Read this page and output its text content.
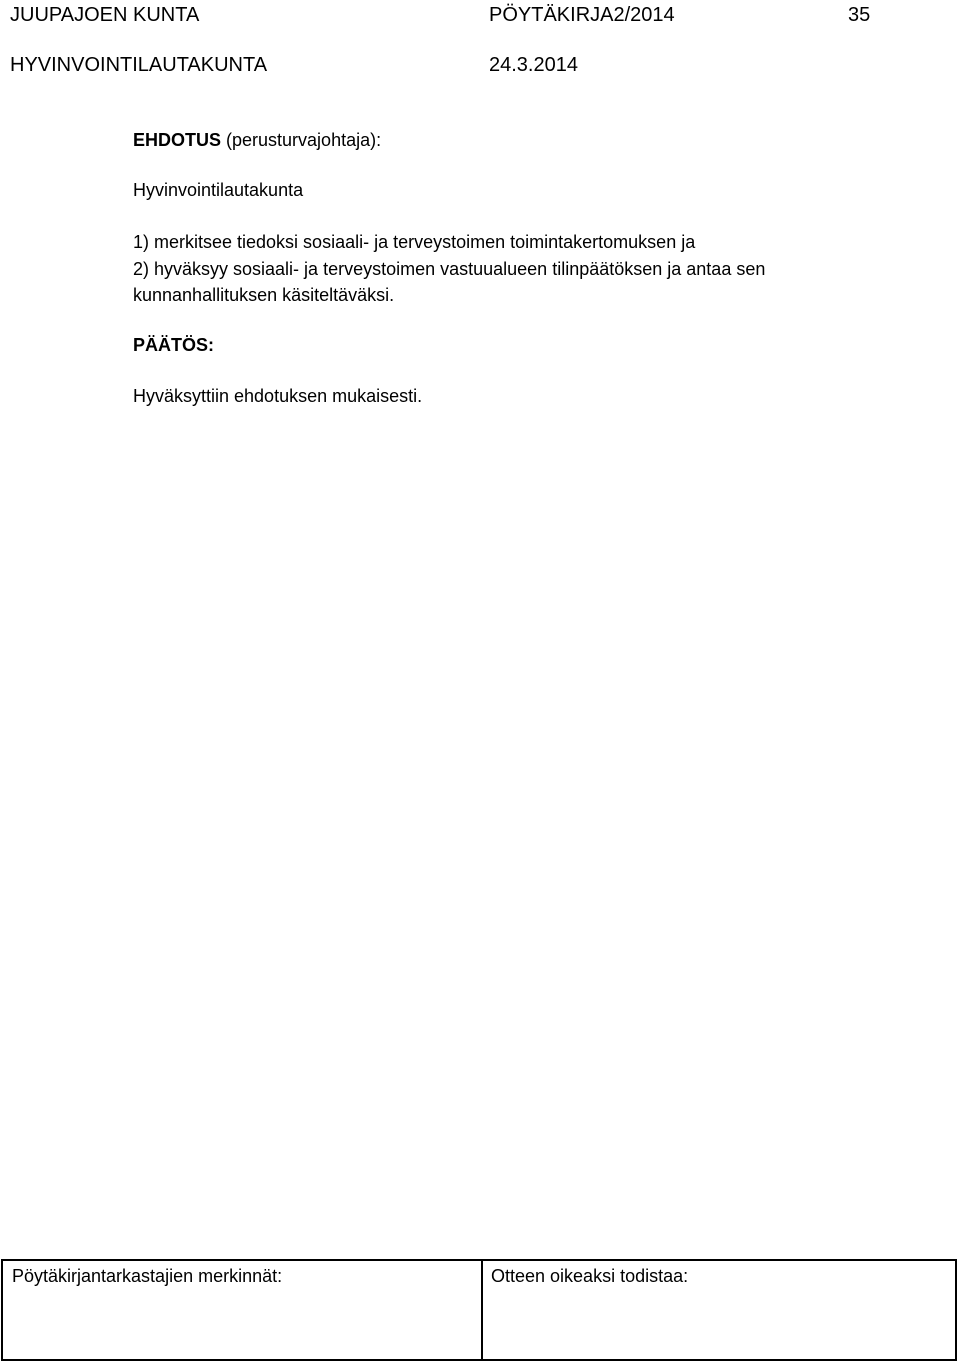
JUUPAJOEN KUNTA	PÖYTÄKIRJA2/2014	35
HYVINVOINTILAUTAKUNTA	24.3.2014
EHDOTUS (perusturvajohtaja):
Hyvinvointilautakunta
1) merkitsee tiedoksi sosiaali- ja terveystoimen toimintakertomuksen ja
2) hyväksyy sosiaali- ja terveystoimen vastuualueen tilinpäätöksen ja antaa sen
kunnanhallituksen käsiteltäväksi.
PÄÄTÖS:
Hyväksyttiin ehdotuksen mukaisesti.
Pöytäkirjantarkastajien merkinnät:	Otteen oikeaksi todistaa:
